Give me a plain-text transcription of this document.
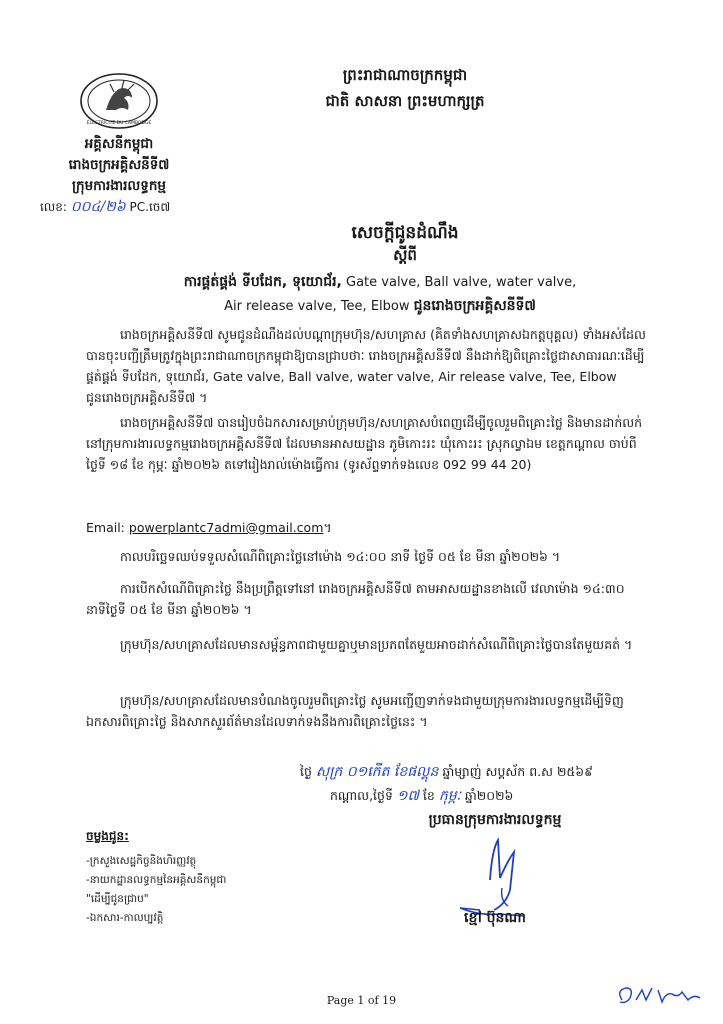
ព្រះរាជាណាចក្រកម្ពុជា
ជាតិ សាសនា ព្រះមហាក្សត្រ
ÉLECTRICITÉ DU CAMBODGE
អគ្គិសនីកម្ពុជា
រោងចក្រអគ្គិសនីទី៧
ក្រុមការងារលទ្ធកម្ម
លេខ: ០០៤/២៦ PC.ចេ៧
សេចក្ដីជូនដំណឹង
ស្ដីពី
ការផ្គត់ផ្គង់ ទីបដែក, ទុយោជ័រ, Gate valve, Ball valve, water valve,
Air release valve, Tee, Elbow ជូនរោងចក្រអគ្គិសនីទី៧
រោងចក្រអគ្គិសនីទី៧ សូមជូនដំណឹងដល់បណ្ដាក្រុមហ៊ុន/សហគ្រាស (គិតទាំងសហគ្រាសឯកត្តបុគ្គល) ទាំងអស់ដែលបានចុះបញ្ជីត្រឹមត្រូវក្នុងព្រះរាជាណាចក្រកម្ពុជាឱ្យបានជ្រាបថាៈ រោងចក្រអគ្គិសនីទី៧ នឹងដាក់ឱ្យពិគ្រោះថ្លៃជាសាធារណៈដើម្បីផ្គត់ផ្គង់ ទីបដែក, ទុយោជ័រ, Gate valve, Ball valve, water valve, Air release valve, Tee, Elbow ជូនរោងចក្រអគ្គិសនីទី៧ ។
រោងចក្រអគ្គិសនីទី៧ បានរៀបចំឯកសារសម្រាប់ក្រុមហ៊ុន/សហគ្រាសបំពេញដើម្បីចូលរួមពិគ្រោះថ្លៃ និងមានដាក់លក់នៅក្រុមការងារលទ្ធកម្មរោងចក្រអគ្គិសនីទី៧ ដែលមានអាសយដ្ឋាន ភូមិកោះរះ ឃុំកោះរះ ស្រុកល្វាឯម ខេត្តកណ្ដាល ចាប់ពីថ្ងៃទី ១៨ ខែ កុម្ភៈ ឆ្នាំ២០២៦ តទៅរៀងរាល់ម៉ោងធ្វើការ (ទូរស័ព្ទទាក់ទងលេខ 092 99 44 20)
Email: powerplantc7admi@gmail.com។
កាលបរិច្ឆេទឈប់ទទួលសំណើពិគ្រោះថ្លៃនៅម៉ោង ១៤:០០ នាទី ថ្ងៃទី ០៥ ខែ មីនា ឆ្នាំ២០២៦ ។
ការបើកសំណើពិគ្រោះថ្លៃ នឹងប្រព្រឹត្តទៅនៅ រោងចក្រអគ្គិសនីទី៧ តាមអាសយដ្ឋានខាងលើ វេលាម៉ោង ១៤:៣០ នាទីថ្ងៃទី ០៥ ខែ មីនា ឆ្នាំ២០២៦ ។
ក្រុមហ៊ុន/សហគ្រាសដែលមានសម្ព័ន្ធភាពជាមួយគ្នាឬមានប្រភពតែមួយអាចដាក់សំណើពិគ្រោះថ្លៃបានតែមួយគត់ ។
ក្រុមហ៊ុន/សហគ្រាសដែលមានបំណងចូលរួមពិគ្រោះថ្លៃ សូមអញ្ជើញទាក់ទងជាមួយក្រុមការងារលទ្ធកម្មដើម្បីទិញឯកសារពិគ្រោះថ្លៃ និងសាកសួរព័ត៌មានដែលទាក់ទងនឹងការពិគ្រោះថ្លៃនេះ ។
ថ្ងៃ សុក្រ ០១កើត ខែផល្គុន ឆ្នាំម្សាញ់ សប្ដស័ក ព.ស ២៥៦៩
កណ្ដាល,ថ្ងៃទី ១៧ ខែ កុម្ភៈ ឆ្នាំ២០២៦
ប្រធានក្រុមការងារលទ្ធកម្ម
ខ្មៅ ប៊ុនណា
ចម្លងជូន:
-ក្រសួងសេដ្ឋកិច្ចនិងហិរញ្ញវត្ថុ
-នាយកដ្ឋានលទ្ធកម្មនៃអគ្គិសនីកម្ពុជា
"ដើម្បីជូនជ្រាប"
-ឯកសារ-កាលប្បវត្តិ
Page 1 of 19
